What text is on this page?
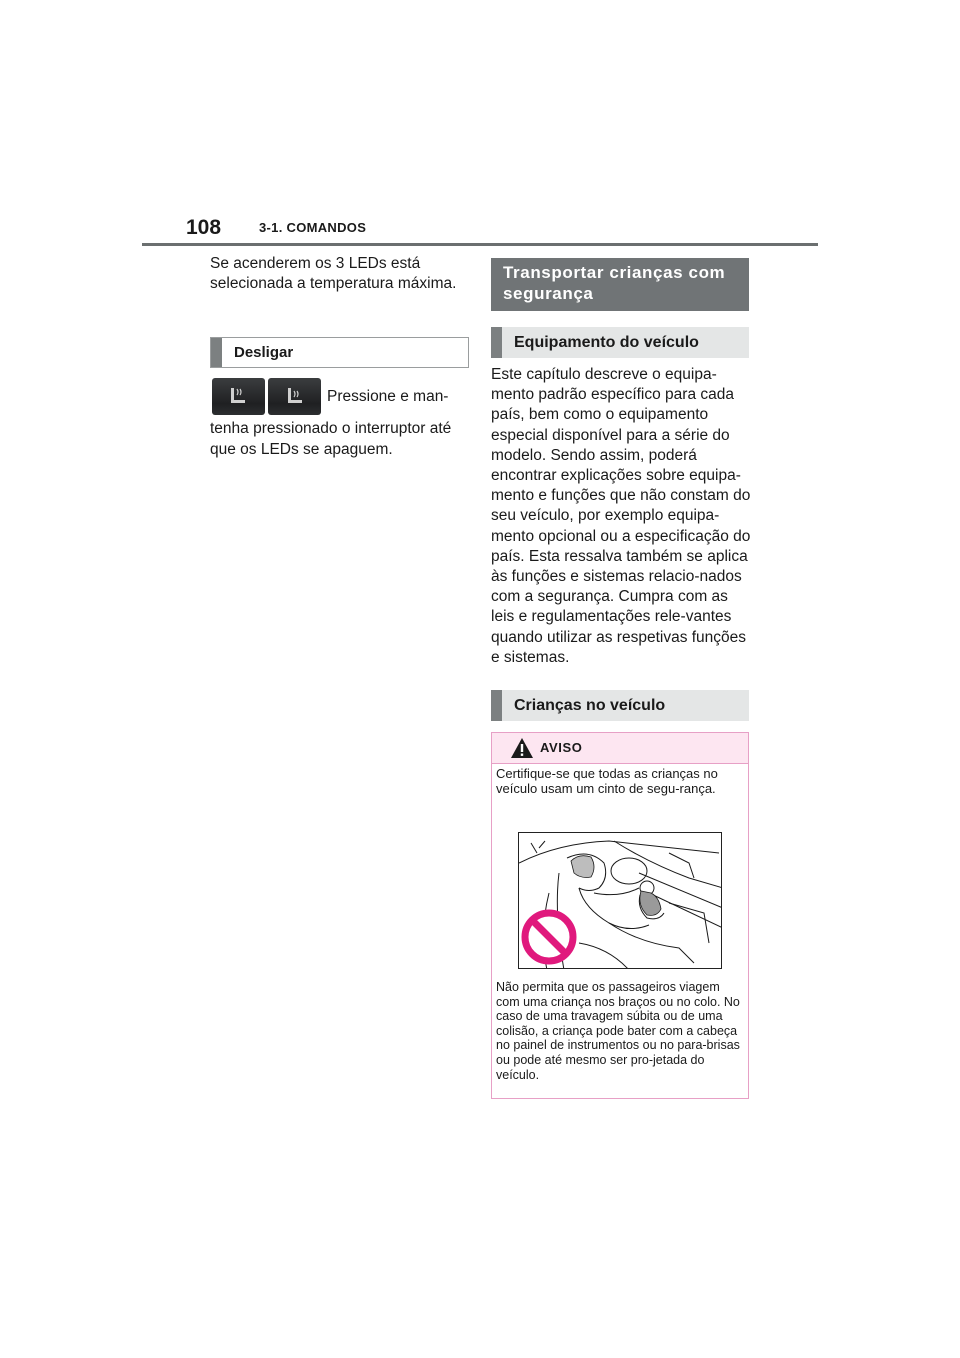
108	3-1. COMANDOS
Se acenderem os 3 LEDs está selecionada a temperatura máxima.
Desligar
Pressione e man-
tenha pressionado o interruptor até que os LEDs se apaguem.
Transportar crianças com segurança
Equipamento do veículo
Este capítulo descreve o equipa-mento padrão específico para cada país, bem como o equipamento especial disponível para a série do modelo. Sendo assim, poderá encontrar explicações sobre equipa-mento e funções que não constam do seu veículo, por exemplo equipa-mento opcional ou a especificação do país. Esta ressalva também se aplica às funções e sistemas relacio-nados com a segurança. Cumpra com as leis e regulamentações rele-vantes quando utilizar as respetivas funções e sistemas.
Crianças no veículo
AVISO
Certifique-se que todas as crianças no veículo usam um cinto de segu-rança.
Não permita que os passageiros viagem com uma criança nos braços ou no colo. No caso de uma travagem súbita ou de uma colisão, a criança pode bater com a cabeça no painel de instrumentos ou no para-brisas ou pode até mesmo ser pro-jetada do veículo.
